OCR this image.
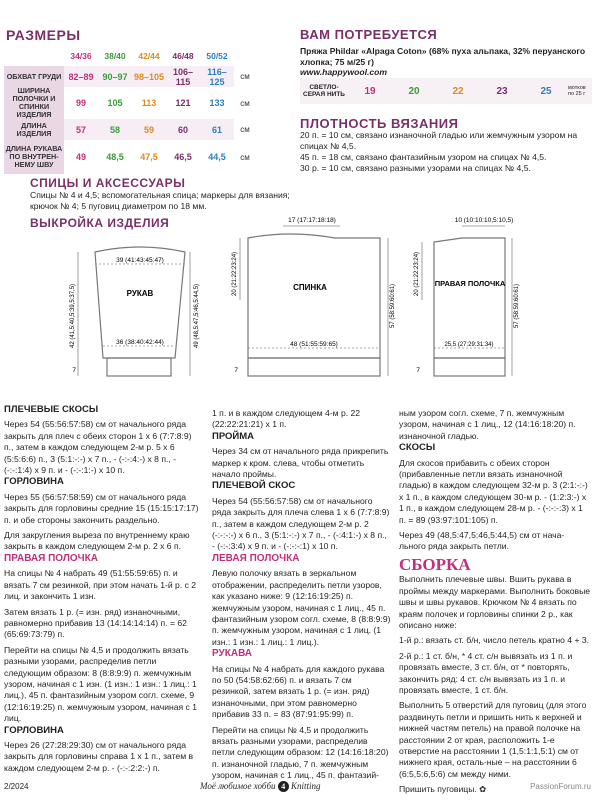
РАЗМЕРЫ
	34/36	38/40	42/44	46/48	50/52	
ОБХВАТ ГРУДИ	82–89	90–97	98–105	106–115	116–125	см
ШИРИНА ПОЛОЧКИ И СПИНКИ ИЗДЕЛИЯ	99	105	113	121	133	см
ДЛИНА ИЗДЕЛИЯ	57	58	59	60	61	см
ДЛИНА РУКАВА ПО ВНУТРЕН- НЕМУ ШВУ	49	48,5	47,5	46,5	44,5	см
ВАМ ПОТРЕБУЕТСЯ
Пряжа Phildar «Alpaga Coton» (68% пуха альпака, 32% перуанского хлопка; 75 м/25 г)
www.happywool.com
СВЕТЛО-СЕРАЯ НИТЬ	19	20	22	23	25	мотков по 25 г
ПЛОТНОСТЬ ВЯЗАНИЯ
20 п. = 10 см, связано изнаночной гладью или жемчужным узором на спицах № 4,5.
45 п. = 18 см, связано фантазийным узором на спицах № 4,5.
30 р. = 10 см, связано разными узорами на спицах № 4,5.
СПИЦЫ И АКСЕССУАРЫ
Спицы № 4 и 4,5; вспомогательная спица; маркеры для вязания; крючок № 4; 5 пуговиц диаметром по 18 мм.
ВЫКРОЙКА ИЗДЕЛИЯ
РУКАВ
39 (41:43:45:47)
36 (38:40:42:44)
42 (41,5:40,5:39,5:37,5)	49 (48,5:47,5:46,5:44,5)
7
СПИНКА
17 (17:17:18:18)
20 (21:22:23:24)
48 (51:55:59:65)
57 (58:59:60:61)
7
ПРАВАЯ ПОЛОЧКА
10 (10:10:10,5:10,5)
20 (21:22:23:24)
57 (58:59:60:61)
25,5 (27:29:31:34)
7

ПЛЕЧЕВЫЕ СКОСЫ

Через 54 (55:56:57:58) см от начального ряда закрыть для плеч с обеих сторон 1 х 6 (7:7:8:9) п., затем в каждом следующем 2-м р. 5 х 6 (5:5:6:6) п., 3 (5:1:-:-) х 7 п., - (-:-:4:-) х 8 п., - (-:-:1:4) х 9 п. и - (-:-:1:-) х 10 п.

ГОРЛОВИНА

Через 55 (56:57:58:59) см от начального ряда закрыть для горловины средние 15 (15:15:17:17) п. и обе стороны закончить раздельно.

Для закругления выреза по внутреннему краю закрыть в каждом следующем 2-м р. 2 х 6 п.

ПРАВАЯ ПОЛОЧКА

На спицы № 4 набрать 49 (51:55:59:65) п. и вязать 7 см резинкой, при этом начать 1-й р. с 2 лиц. и закончить 1 изн.

Затем вязать 1 р. (= изн. ряд) изнаночными, равномерно прибавив 13 (14:14:14:14) п. = 62 (65:69:73:79) п.

Перейти на спицы № 4,5 и продолжить вязать разными узорами, распределив петли следующим образом: 8 (8:8:9:9) п. жемчужным узором, начиная с 1 изн. (1 изн.: 1 изн.: 1 лиц.: 1 лиц.), 45 п. фантазийным узором согл. схеме, 9 (12:16:19:25) п. жемчужным узором, начиная с 1 лиц.

ГОРЛОВИНА

Через 26 (27:28:29:30) см от начального ряда закрыть для горловины справа 1 х 1 п., затем в каждом следующем 2-м р. - (-:-:2:2:-) п.

1 п. и в каждом следующем 4-м р. 22 (22:22:21:21) х 1 п.

ПРОЙМА

Через 34 см от начального ряда прикрепить маркер к кром. слева, чтобы отметить начало проймы.

ПЛЕЧЕВОЙ СКОС

Через 54 (55:56:57:58) см от начального ряда закрыть для плеча слева 1 х 6 (7:7:8:9) п., затем в каждом следующем 2-м р. 2 (-:-:-:-) х 6 п., 3 (5:1:-:-) х 7 п., - (-:4:1:-) х 8 п., - (-:-:3:4) х 9 п. и - (-:-:-:1) х 10 п.

ЛЕВАЯ ПОЛОЧКА

Левую полочку вязать в зеркальном отображении, распределить петли узоров, как указано ниже: 9 (12:16:19:25) п. жемчужным узором, начиная с 1 лиц., 45 п. фантазийным узором согл. схеме, 8 (8:8:9:9) п. жемчужным узором, начиная с 1 лиц. (1 изн.: 1 изн.: 1 лиц.: 1 лиц.).

РУКАВА

На спицы № 4 набрать для каждого рукава по 50 (54:58:62:66) п. и вязать 7 см резинкой, затем вязать 1 р. (= изн. ряд) изнаночными, при этом равномерно прибавив 33 п. = 83 (87:91:95:99) п.

Перейти на спицы № 4,5 и продолжить вязать разными узорами, распределив петли следующим образом: 12 (14:16:18:20) п. изнаночной гладью, 7 п. жемчужным узором, начиная с 1 лиц., 45 п. фантазий-

ным узором согл. схеме, 7 п. жемчужным узором, начиная с 1 лиц., 12 (14:16:18:20) п. изнаночной гладью.

СКОСЫ

Для скосов прибавить с обеих сторон (прибавленные петли вязать изнаночной гладью) в каждом следующем 32-м р. 3 (2:1:-:-) х 1 п., в каждом следующем 30-м р. - (1:2:3:-) х 1 п., в каждом следующем 28-м р. - (-:-:-:3) х 1 п. = 89 (93:97:101:105) п.

Через 49 (48,5:47,5:46,5:44,5) см от нача-льного ряда закрыть петли.

СБОРКА

Выполнить плечевые швы. Вшить рукава в проймы между маркерами. Выполнить боковые швы и швы рукавов. Крючком № 4 вязать по краям полочек и горловины спинки 2 р., как описано ниже:

1-й р.: вязать ст. б/н, число петель кратно 4 + 3.

2-й р.: 1 ст. б/н, * 4 ст. с/н вывязать из 1 п. и провязать вместе, 3 ст. б/н, от * повторять, закончить ряд: 4 ст. с/н вывязать из 1 п. и провязать вместе, 1 ст. б/н.

Выполнить 5 отверстий для пуговиц (для этого раздвинуть петли и пришить нить к верхней и нижней частям петель) на правой полочке на расстоянии 2 от края, расположить 1-е отверстие на расстоянии 1 (1,5:1:1,5:1) см от нижнего края, осталь-ные – на расстоянии 6 (6:5,5:6,5:6) см между ними.

Пришить пуговицы. ✿

2/2024	Моё любимое хобби 4 Knitting	PassionForum.ru
